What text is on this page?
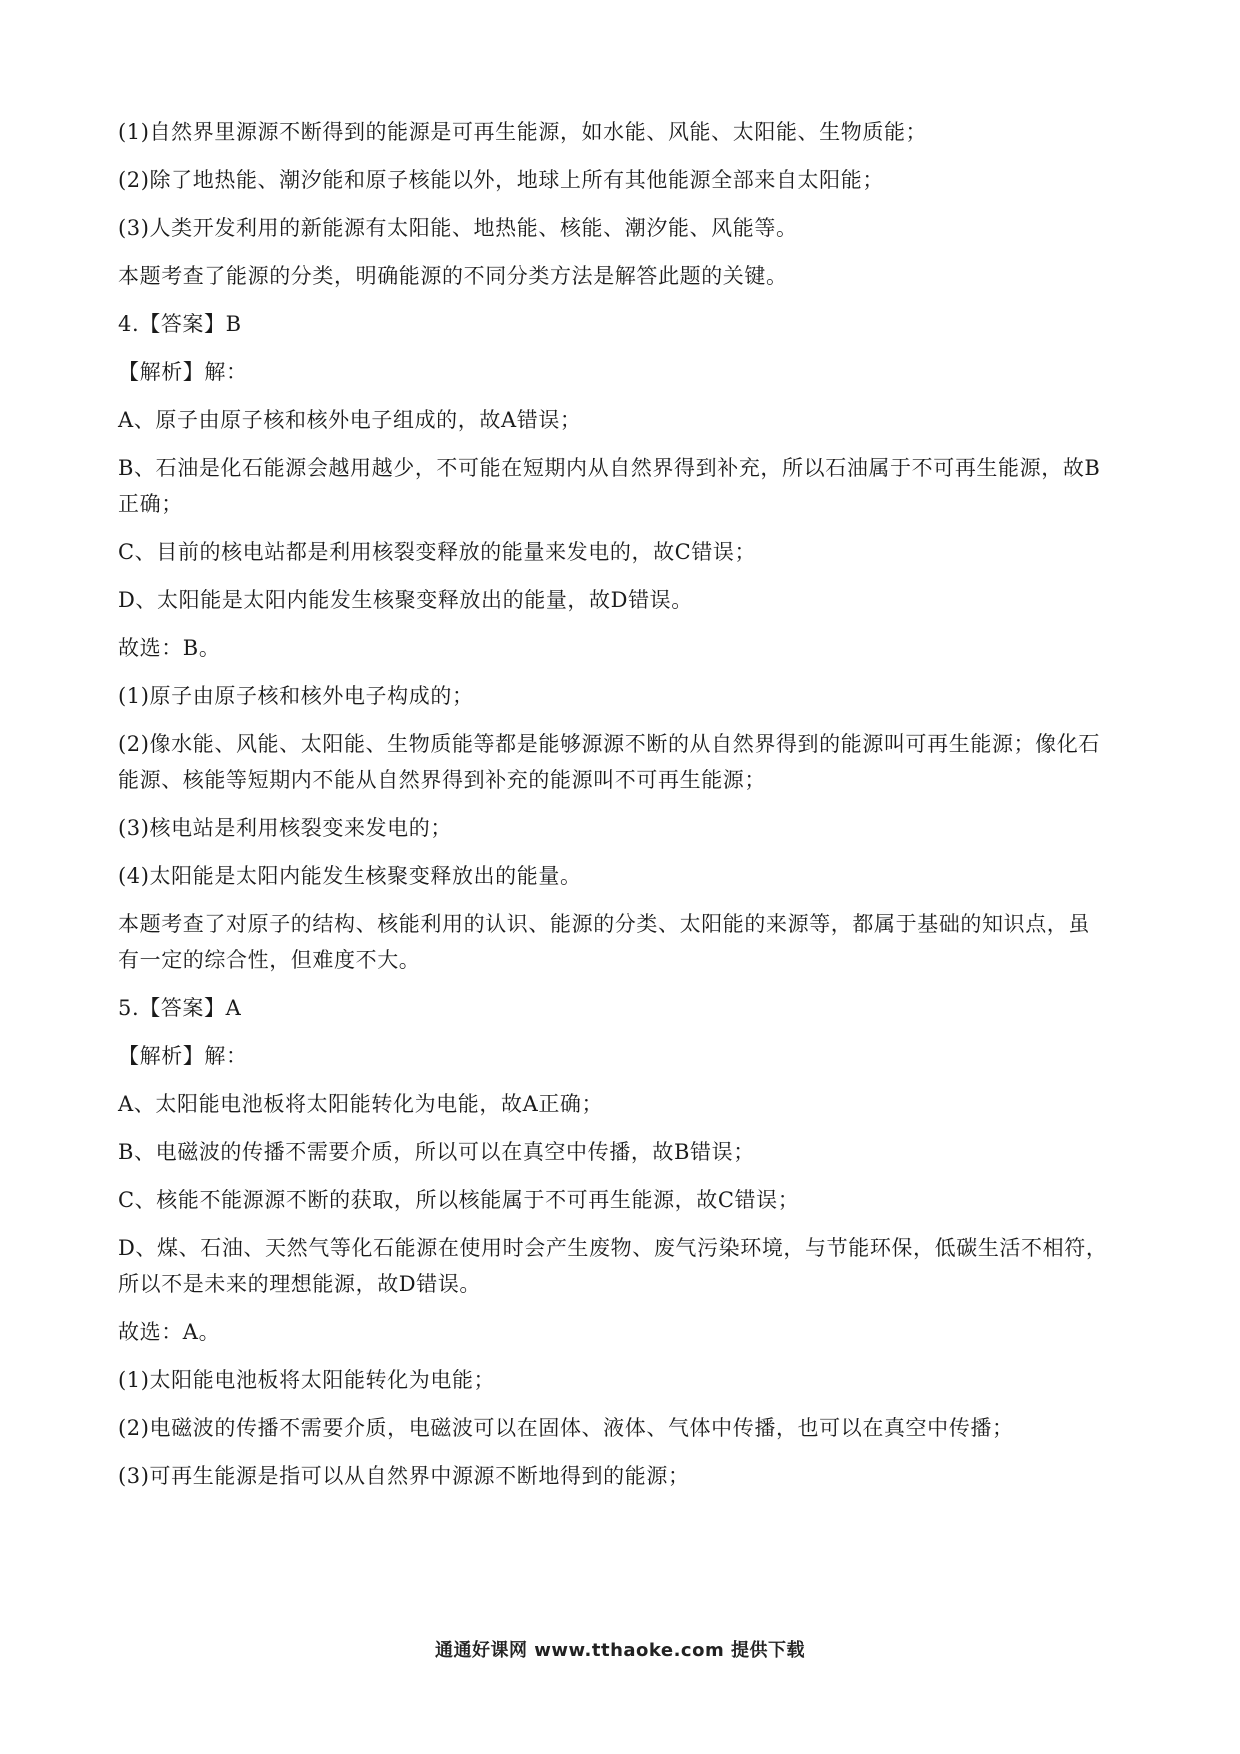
(1)自然界里源源不断得到的能源是可再生能源，如水能、风能、太阳能、生物质能；
(2)除了地热能、潮汐能和原子核能以外，地球上所有其他能源全部来自太阳能；
(3)人类开发利用的新能源有太阳能、地热能、核能、潮汐能、风能等。
本题考查了能源的分类，明确能源的不同分类方法是解答此题的关键。
4.【答案】B
【解析】解：
A、原子由原子核和核外电子组成的，故A错误；
B、石油是化石能源会越用越少，不可能在短期内从自然界得到补充，所以石油属于不可再生能源，故B
正确；
C、目前的核电站都是利用核裂变释放的能量来发电的，故C错误；
D、太阳能是太阳内能发生核聚变释放出的能量，故D错误。
故选：B。
(1)原子由原子核和核外电子构成的；
(2)像水能、风能、太阳能、生物质能等都是能够源源不断的从自然界得到的能源叫可再生能源；像化石
能源、核能等短期内不能从自然界得到补充的能源叫不可再生能源；
(3)核电站是利用核裂变来发电的；
(4)太阳能是太阳内能发生核聚变释放出的能量。
本题考查了对原子的结构、核能利用的认识、能源的分类、太阳能的来源等，都属于基础的知识点，虽
有一定的综合性，但难度不大。
5.【答案】A
【解析】解：
A、太阳能电池板将太阳能转化为电能，故A正确；
B、电磁波的传播不需要介质，所以可以在真空中传播，故B错误；
C、核能不能源源不断的获取，所以核能属于不可再生能源，故C错误；
D、煤、石油、天然气等化石能源在使用时会产生废物、废气污染环境，与节能环保，低碳生活不相符，
所以不是未来的理想能源，故D错误。
故选：A。
(1)太阳能电池板将太阳能转化为电能；
(2)电磁波的传播不需要介质，电磁波可以在固体、液体、气体中传播，也可以在真空中传播；
(3)可再生能源是指可以从自然界中源源不断地得到的能源；
通通好课网 www.tthaoke.com 提供下载
